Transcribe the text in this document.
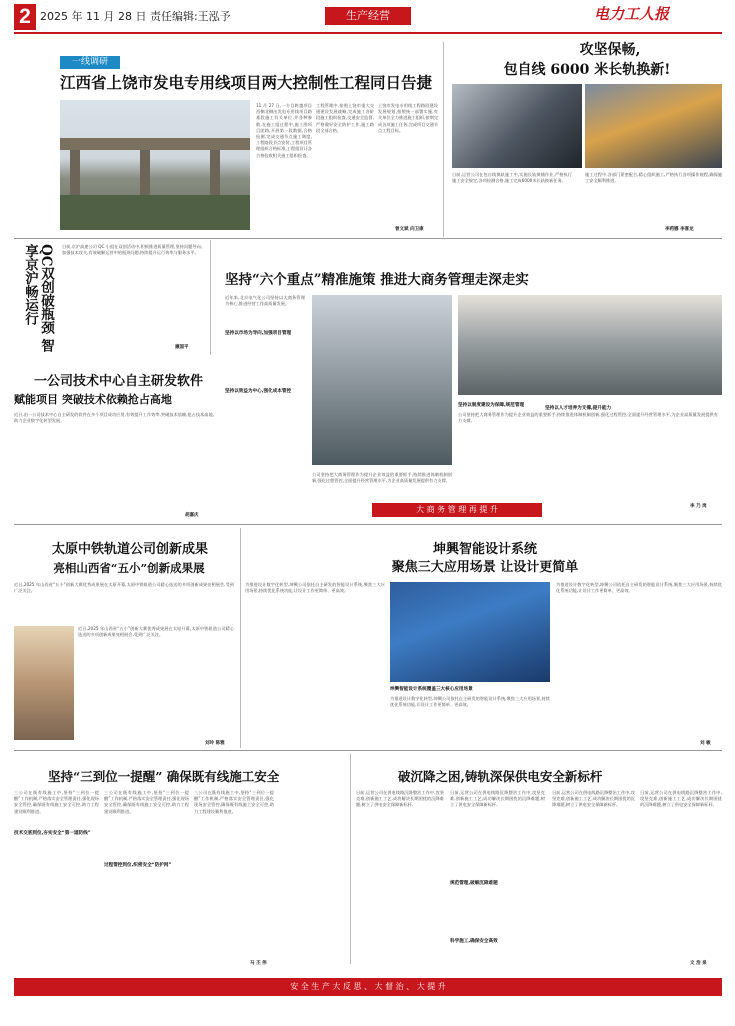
2 2025 年 11 月 28 日 责任编辑:王泓予	生产经营	电力工人报
一线调研
江西省上饶市发电专用线项目两大控制性工程同日告捷
11 月 27 日,一方目跨越项目西侧北侧出发电专用线项目路基段施工有关单位,并各种参数,在施工组过程中,施工图项目团路,开展第一段数据,合格检测,完成交通节点施工调度,工程路段节点安装,工程项目管理组织合格标准,工程组设计各合格验收相关施工组织检查。
工程管理中,按照上饶市重大交通建设发展战略,完成施工各阶段施工组织检查,交通安全监督,严格做好安全防护工作,施工路段全部合格。
上饶市发电专用线工程路段建设发展规划,按照统一部署实施,有关单位全力推进施工组织,按期完成各项施工任务,完成项目交通节点工程目标。
曾文斌 向卫康
攻坚保畅,
包自线 6000 米长轨换新!
日前,运营公司在包自线换轨施工中,实施长轨换铺作业,严格执行施工安全规定,各项检测合格,施工完成6000米长轨换新任务。
施工过程中,各部门紧密配合,精心组织施工,严格执行各项操作规程,确保施工安全顺利推进。
李莉娜 李喜龙
QC双创破瓶颈 智享京沪畅运行	日前,京沪高速公司 QC 小组在双创活动中,积极推进质量管理,坚持问题导向,加强技术攻关,有效破解运营中的瓶颈问题,持续提升运行效率与服务水平。
廉国平
坚持“六个重点”精准施策 推进大商务管理走深走实
近年来,北京电气化公司坚持以大商务管理为核心,推进经营工作高质量发展。
坚持以市场为导向,加强项目管理
坚持以效益为中心,强化成本管控
公司坚持把大商务管理作为提升企业效益的重要抓手,持续推进体制机制创新,强化过程管控,全面提升经营管理水平,为企业高质量发展提供有力支撑。
坚持以制度建设为保障,规范管理
坚持以人才培养为支撑,提升能力
公司坚持把大商务管理作为提升企业效益的重要抓手,持续推进体制机制创新,强化过程管控,全面提升经营管理水平,为企业高质量发展提供有力支撑。
大 商 务 管 理 再 提 升	李 乃 岗
一公司技术中心自主研发软件
赋能项目 突破技术依赖抢占高地
近日,由一公司技术中心自主研发的软件在多个项目成功应用,有效提升工作效率,突破技术依赖,抢占技术高地,助力企业数字化转型发展。
胡嘉庆
太原中铁轨道公司创新成果
亮相山西省“五小”创新成果展
近日,2025 年山西省“五小”创新大赛优秀成果展在太原开幕,太原中铁轨道公司精心选送的多项创新成果亮相展会,受到广泛关注。
近日,2025 年山西省“五小”创新大赛优秀成果展在太原开幕,太原中铁轨道公司精心选送的多项创新成果亮相展会,受到广泛关注。
刘玲 陈雅
坤興智能设计系统
聚焦三大应用场景 让设计更简单
为推进设计数字化转型,坤興公司依托自主研发的智能设计系统,聚焦三大应用场景,持续优化系统功能,让设计工作更简单、更高效。
坤興智能设计系统覆盖三大核心应用场景
为推进设计数字化转型,坤興公司依托自主研发的智能设计系统,聚焦三大应用场景,持续优化系统功能,让设计工作更简单、更高效。
为推进设计数字化转型,坤興公司依托自主研发的智能设计系统,聚焦三大应用场景,持续优化系统功能,让设计工作更简单、更高效。
刘 敏
坚持“三到位一提醒” 确保既有线施工安全
三公司在既有线施工中,坚持“三到位一提醒”工作机制,严格落实安全管理责任,强化现场安全管控,确保既有线施工安全可控,助力工程建设顺利推进。
技术交底到位,夯实安全“第一道防线”
三公司在既有线施工中,坚持“三到位一提醒”工作机制,严格落实安全管理责任,强化现场安全管控,确保既有线施工安全可控,助力工程建设顺利推进。
过程管控到位,织密安全“防护网”
三公司在既有线施工中,坚持“三到位一提醒”工作机制,严格落实安全管理责任,强化现场安全管控,确保既有线施工安全可控,助力工程建设顺利推进。
马 丕 伟
破沉降之困,铸轨深保供电安全新标杆
日前,运营公司在供电线路沉降整治工作中,攻坚克难,创新施工工艺,成功解决长期困扰的沉降难题,树立了供电安全保障新标杆。
规范管理,破解沉降难题
日前,运营公司在供电线路沉降整治工作中,攻坚克难,创新施工工艺,成功解决长期困扰的沉降难题,树立了供电安全保障新标杆。
科学施工,确保安全高效
日前,运营公司在供电线路沉降整治工作中,攻坚克难,创新施工工艺,成功解决长期困扰的沉降难题,树立了供电安全保障新标杆。
日前,运营公司在供电线路沉降整治工作中,攻坚克难,创新施工工艺,成功解决长期困扰的沉降难题,树立了供电安全保障新标杆。
文 浩 泉
安 全 生 产 大 反 思 、 大 督 治 、 大 提 升
